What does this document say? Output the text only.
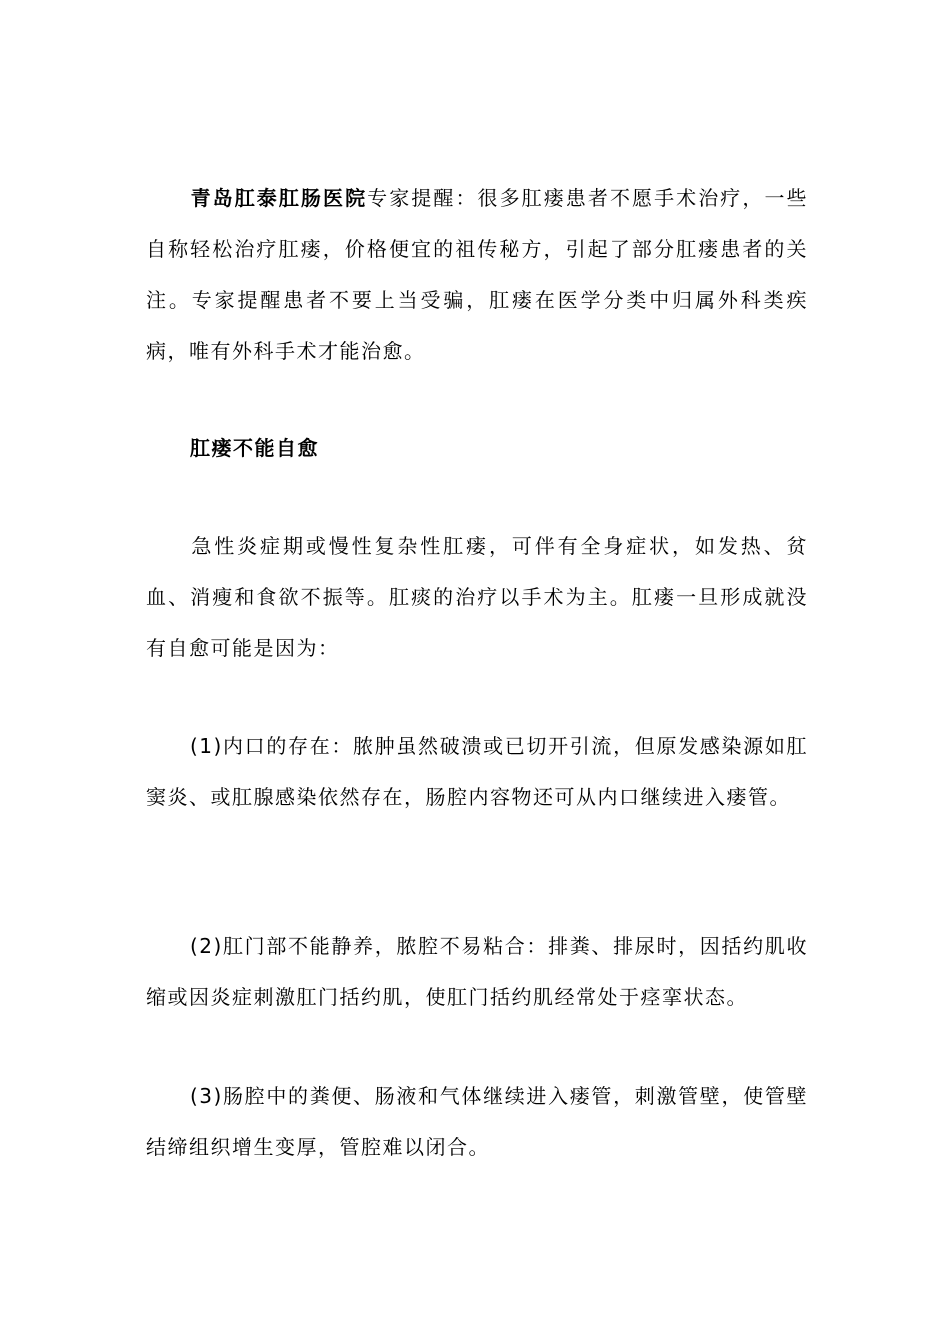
青岛肛泰肛肠医院专家提醒：很多肛瘘患者不愿手术治疗，一些自称轻松治疗肛瘘，价格便宜的祖传秘方，引起了部分肛瘘患者的关注。专家提醒患者不要上当受骗，肛瘘在医学分类中归属外科类疾病，唯有外科手术才能治愈。

肛瘘不能自愈

急性炎症期或慢性复杂性肛瘘，可伴有全身症状，如发热、贫血、消瘦和食欲不振等。肛痰的治疗以手术为主。肛瘘一旦形成就没有自愈可能是因为：

(1)内口的存在：脓肿虽然破溃或已切开引流，但原发感染源如肛窦炎、或肛腺感染依然存在，肠腔内容物还可从内口继续进入瘘管。

(2)肛门部不能静养，脓腔不易粘合：排粪、排尿时，因括约肌收缩或因炎症刺激肛门括约肌，使肛门括约肌经常处于痉挛状态。

(3)肠腔中的粪便、肠液和气体继续进入瘘管，刺激管壁，使管壁结缔组织增生变厚，管腔难以闭合。
